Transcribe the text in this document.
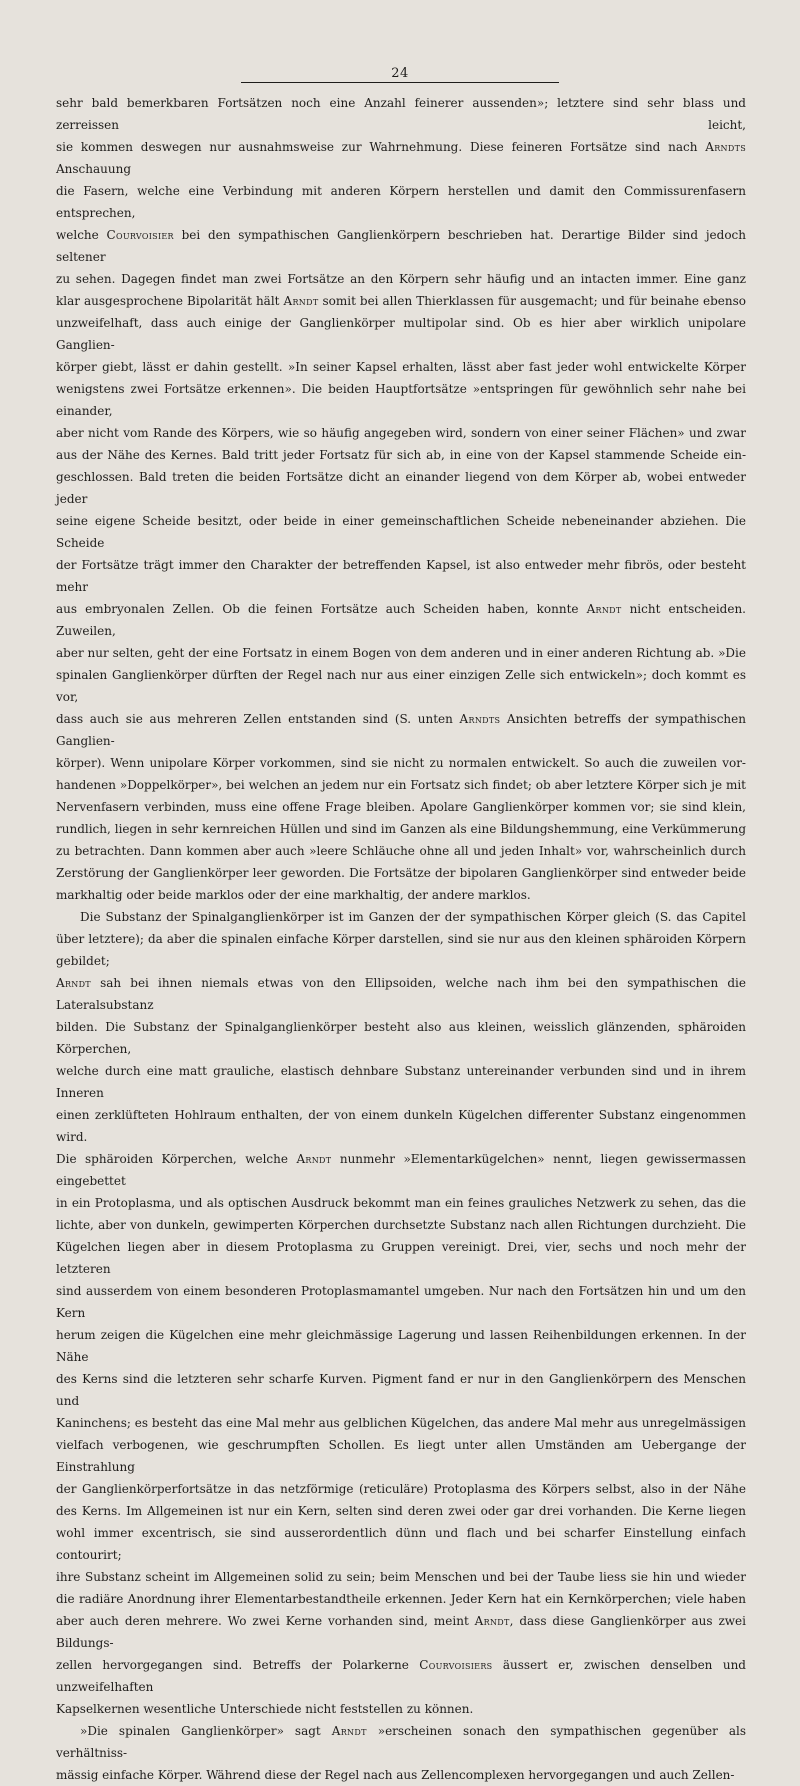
24

sehr bald bemerkbaren Fortsätzen noch eine Anzahl feinerer aussenden»; letztere sind sehr blass und zerreissen leicht,

sie kommen deswegen nur ausnahmsweise zur Wahrnehmung. Diese feineren Fortsätze sind nach Arndts Anschauung

die Fasern, welche eine Verbindung mit anderen Körpern herstellen und damit den Commissurenfasern entsprechen,

welche Courvoisier bei den sympathischen Ganglienkörpern beschrieben hat. Derartige Bilder sind jedoch seltener

zu sehen. Dagegen findet man zwei Fortsätze an den Körpern sehr häufig und an intacten immer. Eine ganz

klar ausgesprochene Bipolarität hält Arndt somit bei allen Thierklassen für ausgemacht; und für beinahe ebenso

unzweifelhaft, dass auch einige der Ganglienkörper multipolar sind. Ob es hier aber wirklich unipolare Ganglien-

körper giebt, lässt er dahin gestellt. »In seiner Kapsel erhalten, lässt aber fast jeder wohl entwickelte Körper

wenigstens zwei Fortsätze erkennen». Die beiden Hauptfortsätze »entspringen für gewöhnlich sehr nahe bei einander,

aber nicht vom Rande des Körpers, wie so häufig angegeben wird, sondern von einer seiner Flächen» und zwar

aus der Nähe des Kernes. Bald tritt jeder Fortsatz für sich ab, in eine von der Kapsel stammende Scheide ein-

geschlossen. Bald treten die beiden Fortsätze dicht an einander liegend von dem Körper ab, wobei entweder jeder

seine eigene Scheide besitzt, oder beide in einer gemeinschaftlichen Scheide nebeneinander abziehen. Die Scheide

der Fortsätze trägt immer den Charakter der betreffenden Kapsel, ist also entweder mehr fibrös, oder besteht mehr

aus embryonalen Zellen. Ob die feinen Fortsätze auch Scheiden haben, konnte Arndt nicht entscheiden. Zuweilen,

aber nur selten, geht der eine Fortsatz in einem Bogen von dem anderen und in einer anderen Richtung ab. »Die

spinalen Ganglienkörper dürften der Regel nach nur aus einer einzigen Zelle sich entwickeln»; doch kommt es vor,

dass auch sie aus mehreren Zellen entstanden sind (S. unten Arndts Ansichten betreffs der sympathischen Ganglien-

körper). Wenn unipolare Körper vorkommen, sind sie nicht zu normalen entwickelt. So auch die zuweilen vor-

handenen »Doppelkörper», bei welchen an jedem nur ein Fortsatz sich findet; ob aber letztere Körper sich je mit

Nervenfasern verbinden, muss eine offene Frage bleiben. Apolare Ganglienkörper kommen vor; sie sind klein,

rundlich, liegen in sehr kernreichen Hüllen und sind im Ganzen als eine Bildungshemmung, eine Verkümmerung

zu betrachten. Dann kommen aber auch »leere Schläuche ohne all und jeden Inhalt» vor, wahrscheinlich durch

Zerstörung der Ganglienkörper leer geworden. Die Fortsätze der bipolaren Ganglienkörper sind entweder beide

markhaltig oder beide marklos oder der eine markhaltig, der andere marklos.

Die Substanz der Spinalganglienkörper ist im Ganzen der der sympathischen Körper gleich (S. das Capitel

über letztere); da aber die spinalen einfache Körper darstellen, sind sie nur aus den kleinen sphäroiden Körpern gebildet;

Arndt sah bei ihnen niemals etwas von den Ellipsoiden, welche nach ihm bei den sympathischen die Lateralsubstanz

bilden. Die Substanz der Spinalganglienkörper besteht also aus kleinen, weisslich glänzenden, sphäroiden Körperchen,

welche durch eine matt grauliche, elastisch dehnbare Substanz untereinander verbunden sind und in ihrem Inneren

einen zerklüfteten Hohlraum enthalten, der von einem dunkeln Kügelchen differenter Substanz eingenommen wird.

Die sphäroiden Körperchen, welche Arndt nunmehr »Elementarkügelchen» nennt, liegen gewissermassen eingebettet

in ein Protoplasma, und als optischen Ausdruck bekommt man ein feines grauliches Netzwerk zu sehen, das die

lichte, aber von dunkeln, gewimperten Körperchen durchsetzte Substanz nach allen Richtungen durchzieht. Die

Kügelchen liegen aber in diesem Protoplasma zu Gruppen vereinigt. Drei, vier, sechs und noch mehr der letzteren

sind ausserdem von einem besonderen Protoplasmamantel umgeben. Nur nach den Fortsätzen hin und um den Kern

herum zeigen die Kügelchen eine mehr gleichmässige Lagerung und lassen Reihenbildungen erkennen. In der Nähe

des Kerns sind die letzteren sehr scharfe Kurven. Pigment fand er nur in den Ganglienkörpern des Menschen und

Kaninchens; es besteht das eine Mal mehr aus gelblichen Kügelchen, das andere Mal mehr aus unregelmässigen

vielfach verbogenen, wie geschrumpften Schollen. Es liegt unter allen Umständen am Uebergange der Einstrahlung

der Ganglienkörperfortsätze in das netzförmige (reticuläre) Protoplasma des Körpers selbst, also in der Nähe

des Kerns. Im Allgemeinen ist nur ein Kern, selten sind deren zwei oder gar drei vorhanden. Die Kerne liegen

wohl immer excentrisch, sie sind ausserordentlich dünn und flach und bei scharfer Einstellung einfach contourirt;

ihre Substanz scheint im Allgemeinen solid zu sein; beim Menschen und bei der Taube liess sie hin und wieder

die radiäre Anordnung ihrer Elementarbestandtheile erkennen. Jeder Kern hat ein Kernkörperchen; viele haben

aber auch deren mehrere. Wo zwei Kerne vorhanden sind, meint Arndt, dass diese Ganglienkörper aus zwei Bildungs-

zellen hervorgegangen sind. Betreffs der Polarkerne Courvoisiers äussert er, zwischen denselben und unzweifelhaften

Kapselkernen wesentliche Unterschiede nicht feststellen zu können.

»Die spinalen Ganglienkörper» sagt Arndt »erscheinen sonach den sympathischen gegenüber als verhältniss-

mässig einfache Körper. Während diese der Regel nach aus Zellencomplexen hervorgegangen und auch Zellen-
